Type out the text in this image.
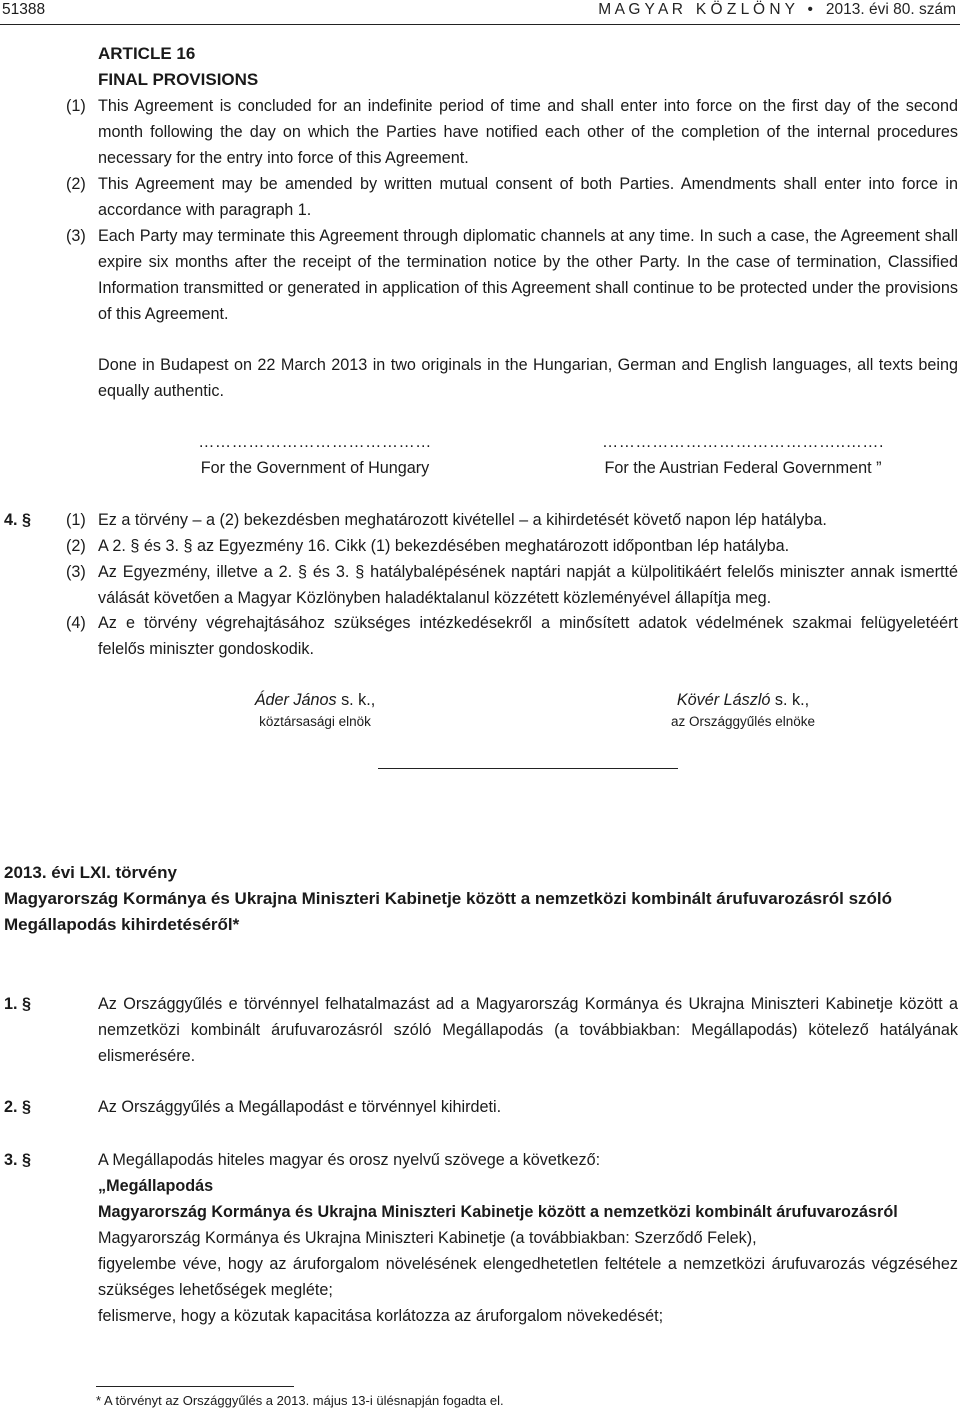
51388	M A G Y A R   K Ö Z L Ö N Y   •   2013. évi 80. szám
ARTICLE 16
FINAL PROVISIONS
(1) This Agreement is concluded for an indefinite period of time and shall enter into force on the first day of the second month following the day on which the Parties have notified each other of the completion of the internal procedures necessary for the entry into force of this Agreement.
(2) This Agreement may be amended by written mutual consent of both Parties. Amendments shall enter into force in accordance with paragraph 1.
(3) Each Party may terminate this Agreement through diplomatic channels at any time. In such a case, the Agreement shall expire six months after the receipt of the termination notice by the other Party. In the case of termination, Classified Information transmitted or generated in application of this Agreement shall continue to be protected under the provisions of this Agreement.
Done in Budapest on 22 March 2013 in two originals in the Hungarian, German and English languages, all texts being equally authentic.
……………………………………
For the Government of Hungary
……………………………………..…….
For the Austrian Federal Government ”
4. § (1) Ez a törvény – a (2) bekezdésben meghatározott kivétellel – a kihirdetését követő napon lép hatályba.
(2) A 2. § és 3. § az Egyezmény 16. Cikk (1) bekezdésében meghatározott időpontban lép hatályba.
(3) Az Egyezmény, illetve a 2. § és 3. § hatálybalépésének naptári napját a külpolitikáért felelős miniszter annak ismertté válását követően a Magyar Közlönyben haladéktalanul közzétett közleményével állapítja meg.
(4) Az e törvény végrehajtásához szükséges intézkedésekről a minősített adatok védelmének szakmai felügyeletéért felelős miniszter gondoskodik.
Áder János s. k.,
köztársasági elnök
Kövér László s. k.,
az Országgyűlés elnöke
2013. évi LXI. törvény
Magyarország Kormánya és Ukrajna Miniszteri Kabinetje között a nemzetközi kombinált árufuvarozásról szóló Megállapodás kihirdetéséről*
1. §	Az Országgyűlés e törvénnyel felhatalmazást ad a Magyarország Kormánya és Ukrajna Miniszteri Kabinetje között a nemzetközi kombinált árufuvarozásról szóló Megállapodás (a továbbiakban: Megállapodás) kötelező hatályának elismerésére.
2. §	Az Országgyűlés a Megállapodást e törvénnyel kihirdeti.
3. §	A Megállapodás hiteles magyar és orosz nyelvű szövege a következő:
„Megállapodás
Magyarország Kormánya és Ukrajna Miniszteri Kabinetje között a nemzetközi kombinált árufuvarozásról
Magyarország Kormánya és Ukrajna Miniszteri Kabinetje (a továbbiakban: Szerződő Felek),
figyelembe véve, hogy az áruforgalom növelésének elengedhetetlen feltétele a nemzetközi árufuvarozás végzéséhez szükséges lehetőségek megléte;
felismerve, hogy a közutak kapacitása korlátozza az áruforgalom növekedését;
* A törvényt az Országgyűlés a 2013. május 13-i ülésnapján fogadta el.
